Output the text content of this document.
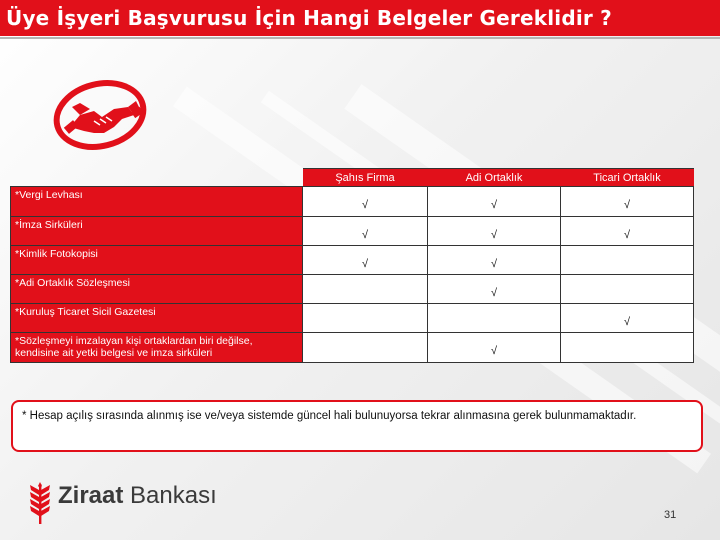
Üye İşyeri Başvurusu İçin Hangi Belgeler Gereklidir ?
	Şahıs Firma	Adi Ortaklık	Ticari Ortaklık
*Vergi Levhası	√	√	√
*İmza Sirküleri	√	√	√
*Kimlik Fotokopisi	√	√	
*Adi Ortaklık Sözleşmesi		√	
*Kuruluş Ticaret Sicil Gazetesi			√
*Sözleşmeyi imzalayan kişi ortaklardan biri değilse, kendisine ait yetki belgesi ve imza sirküleri		√	
* Hesap açılış sırasında alınmış ise ve/veya sistemde güncel hali bulunuyorsa tekrar alınmasına gerek bulunmamaktadır.
Ziraat Bankası
31
